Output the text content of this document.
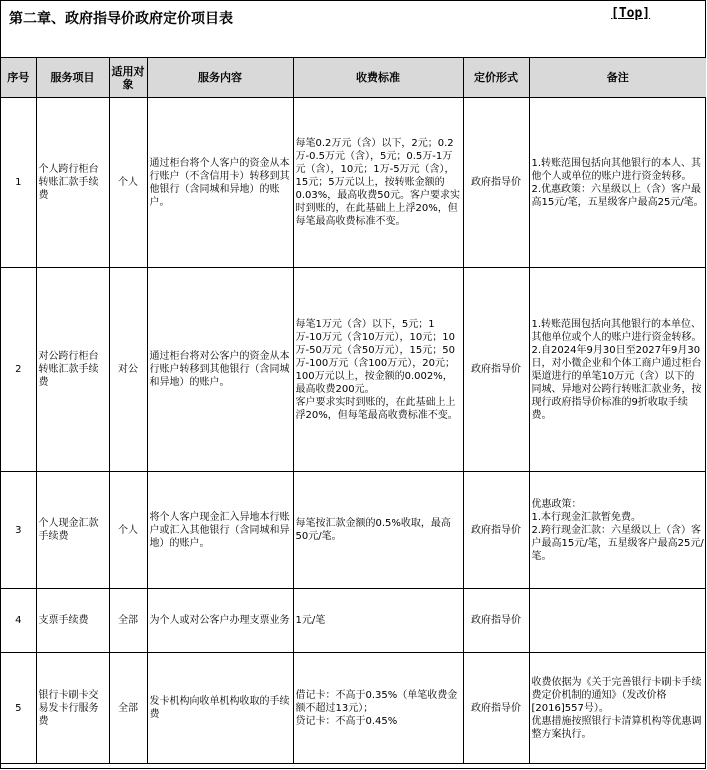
第二章、政府指导价政府定价项目表	[Top]
序号	服务项目	适用对象	服务内容	收费标准	定价形式	备注
1	个人跨行柜台转账汇款手续费	个人	通过柜台将个人客户的资金从本行账户（不含信用卡）转移到其他银行（含同城和异地）的账户。	每笔0.2万元（含）以下，2元；0.2万-0.5万元（含），5元；0.5万-1万元（含），10元；1万-5万元（含），15元；5万元以上，按转账金额的0.03%，最高收费50元。客户要求实时到账的，在此基础上上浮20%，但每笔最高收费标准不变。	政府指导价	1.转账范围包括向其他银行的本人、其他个人或单位的账户进行资金转移。
2.优惠政策：六星级以上（含）客户最高15元/笔，五星级客户最高25元/笔。
2	对公跨行柜台转账汇款手续费	对公	通过柜台将对公客户的资金从本行账户转移到其他银行（含同城和异地）的账户。	每笔1万元（含）以下，5元；1万-10万元（含10万元），10元；10万-50万元（含50万元），15元；50万-100万元（含100万元），20元；100万元以上，按金额的0.002%，最高收费200元。
客户要求实时到账的，在此基础上上浮20%，但每笔最高收费标准不变。	政府指导价	1.转账范围包括向其他银行的本单位、其他单位或个人的账户进行资金转移。
2.自2024年9月30日至2027年9月30日，对小微企业和个体工商户通过柜台渠道进行的单笔10万元（含）以下的同城、异地对公跨行转账汇款业务，按现行政府指导价标准的9折收取手续费。
3	个人现金汇款手续费	个人	将个人客户现金汇入异地本行账户或汇入其他银行（含同城和异地）的账户。	每笔按汇款金额的0.5%收取，最高50元/笔。	政府指导价	优惠政策：
1.本行现金汇款暂免费。
2.跨行现金汇款：六星级以上（含）客户最高15元/笔，五星级客户最高25元/笔。
4	支票手续费	全部	为个人或对公客户办理支票业务	1元/笔	政府指导价	
5	银行卡刷卡交易发卡行服务费	全部	发卡机构向收单机构收取的手续费	借记卡：不高于0.35%（单笔收费金额不超过13元）；
贷记卡：不高于0.45%	政府指导价	收费依据为《关于完善银行卡刷卡手续费定价机制的通知》（发改价格[2016]557号）。
优惠措施按照银行卡清算机构等优惠调整方案执行。
